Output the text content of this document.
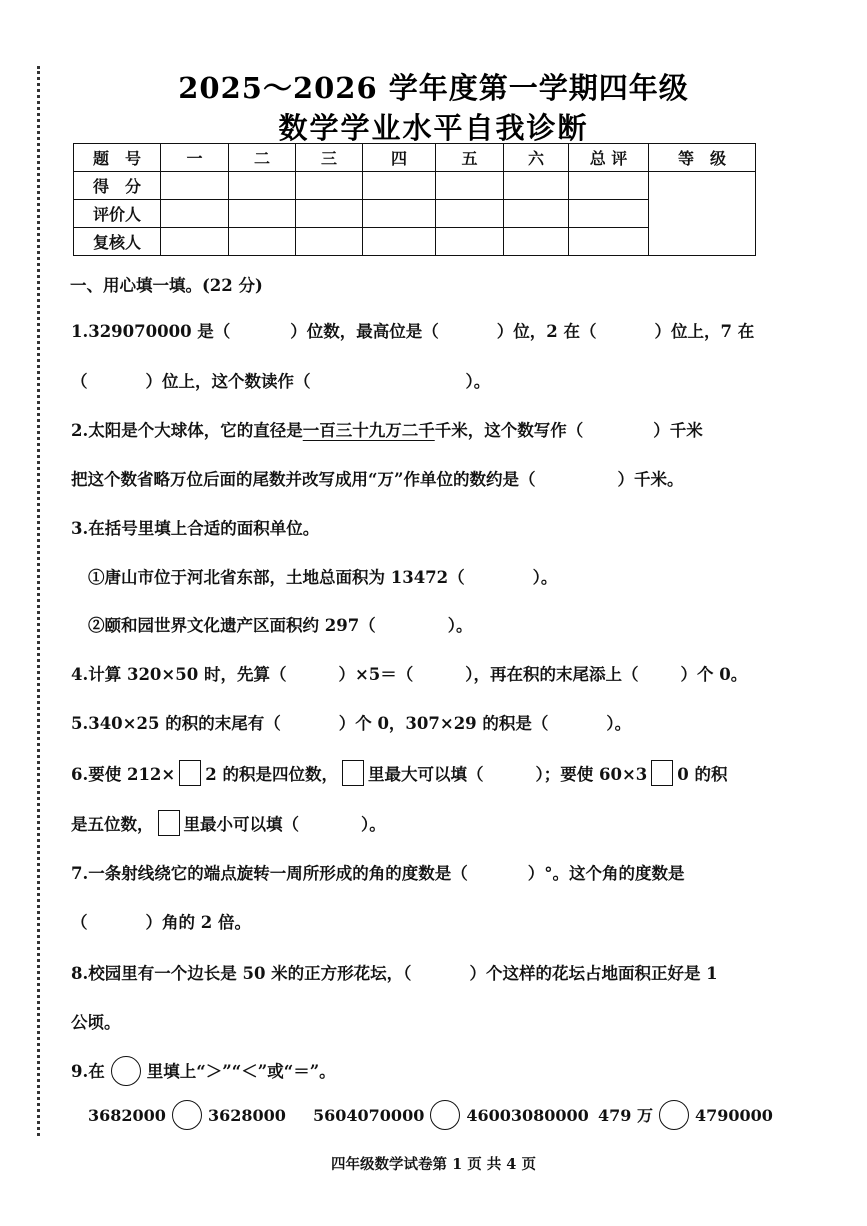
2025～2026 学年度第一学期四年级
数学学业水平自我诊断
题　号	一	二	三	四	五	六	总 评	等　级
得　分								
评价人								
复核人								
一、用心填一填。(22 分)
1.329070000 是（	）位数，最高位是（	）位，2 在（	）位上，7 在
（	）位上，这个数读作（	）。
2.太阳是个大球体，它的直径是一百三十九万二千千米，这个数写作（	）千米
把这个数省略万位后面的尾数并改写成用“万”作单位的数约是（	）千米。
3.在括号里填上合适的面积单位。
①唐山市位于河北省东部，土地总面积为 13472（	）。
②颐和园世界文化遗产区面积约 297（	）。
4.计算 320×50 时，先算（	）×5＝（	），再在积的末尾添上（	）个 0。
5.340×25 的积的末尾有（	）个 0，307×29 的积是（	）。
6.要使 212× 2 的积是四位数， 里最大可以填（	）；要使 60×3 0 的积
是五位数， 里最小可以填（	）。
7.一条射线绕它的端点旋转一周所形成的角的度数是（	）°。这个角的度数是
（	）角的 2 倍。
8.校园里有一个边长是 50 米的正方形花坛，（	）个这样的花坛占地面积正好是 1
公顷。
9.在	里填上“＞”“＜”或“＝”。
3682000	3628000 5604070000	46003080000 479 万	4790000
四年级数学试卷第 1 页 共 4 页
